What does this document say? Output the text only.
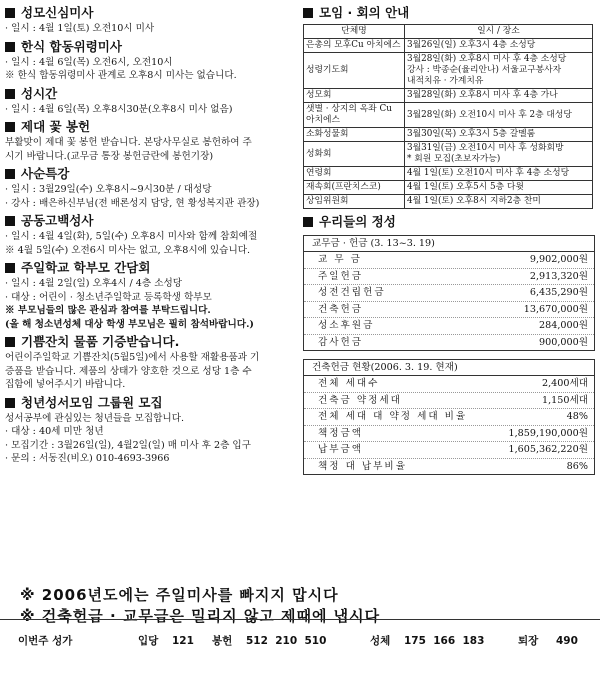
성모신심미사
· 일시 : 4월 1일(토) 오전10시 미사
한식 합동위령미사
· 일시 : 4월 6일(목) 오전6시, 오전10시
※ 한식 합동위령미사 관계로 오후8시 미사는 없습니다.
성시간
· 일시 : 4월 6일(목) 오후8시30분(오후8시 미사 없음)
제대 꽃 봉헌
부활맞이 제대 꽃 봉헌 받습니다. 본당사무실로 봉헌하여 주
시기 바랍니다.(교무금 통장 봉헌금란에 봉헌기장)
사순특강
· 일시 : 3월29일(수) 오후8시~9시30분 / 대성당
· 강사 : 배은하신부님(전 배론성지 담당, 현 황성복지관 관장)
공동고백성사
· 일시 : 4월 4일(화), 5일(수) 오후8시 미사와 함께 참회예절
※ 4월 5일(수) 오전6시 미사는 없고, 오후8시에 있습니다.
주일학교 학부모 간담회
· 일시 : 4월 2일(일) 오후4시 / 4층 소성당
· 대상 : 어린이 · 청소년주일학교 등록학생 학부모
※ 부모님들의 많은 관심과 참여를 부탁드립니다.
(올 해 청소년성체 대상 학생 부모님은 필히 참석바랍니다.)
기쁨잔치 물품 기증받습니다.
어린이주일학교 기쁨잔치(5월5일)에서 사용할 재활용품과 기
증품을 받습니다. 제품의 상태가 양호한 것으로 성당 1층 수
집함에 넣어주시기 바랍니다.
청년성서모임 그룹원 모집
성서공부에 관심있는 청년들을 모집합니다.
· 대상 : 40세 미만 청년
· 모집기간 : 3월26일(일), 4월2일(일) 매 미사 후 2층 입구
· 문의 : 서동진(비오) 010-4693-3966
모임 · 회의 안내
단체명	일시 / 장소
은총의 모후Cu 아치에스	3월26일(일) 오후3시 4층 소성당
성령기도회	3월28일(화) 오후8시 미사 후 4층 소성당
강사 : 박종순(율리안나) 서울교구봉사자
내적치유 · 가계치유
성모회	3월28일(화) 오후8시 미사 후 4층 가나
샛별 · 상지의 옥좌 Cu 아치에스	3월28일(화) 오전10시 미사 후 2층 대성당
소화성물회	3월30일(목) 오후3시 5층 갈멜룸
성화회	3월31일(금) 오전10시 미사 후 성화회방
* 회원 모집(초보자가능)
연령회	4월 1일(토) 오전10시 미사 후 4층 소성당
재속회(프란치스코)	4월 1일(토) 오후5시 5층 다윗
상임위원회	4월 1일(토) 오후8시 지하2층 찬미
우리들의 정성
교무금 · 헌금 (3. 13~3. 19)
교 무 금	9,902,000원
주일헌금	2,913,320원
성전건립헌금	6,435,290원
건축헌금	13,670,000원
성소후원금	284,000원
감사헌금	900,000원
건축헌금 현황(2006. 3. 19. 현재)
전체 세대수	2,400세대
건축금 약정세대	1,150세대
전체 세대 대 약정 세대 비율	48%
책정금액	1,859,190,000원
납부금액	1,605,362,220원
책정 대 납부비율	86%
※ 2006년도에는 주일미사를 빠지지 맙시다
※ 건축헌금 · 교무금은 밀리지 않고 제때에 냅시다
이번주 성가	입당 121 봉헌 512  210  510	성체 175  166  183	퇴장 490
